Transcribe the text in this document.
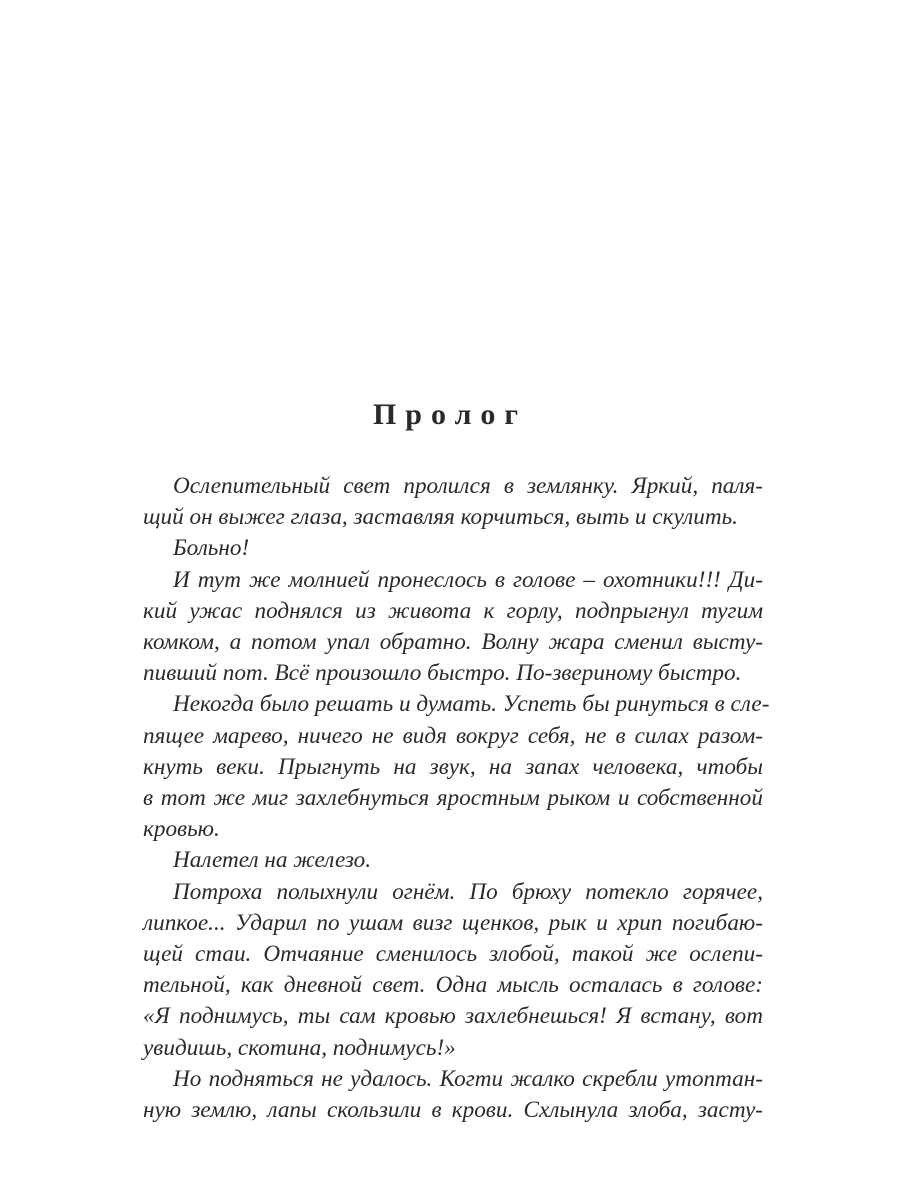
Пролог
Ослепительный свет пролился в землянку. Яркий, паля-
щий он выжег глаза, заставляя корчиться, выть и скулить.
Больно!
И тут же молнией пронеслось в голове – охотники!!! Ди-
кий ужас поднялся из живота к горлу, подпрыгнул тугим
комком, а потом упал обратно. Волну жара сменил высту-
пивший пот. Всё произошло быстро. По-звериному быстро.
Некогда было решать и думать. Успеть бы ринуться в сле-
пящее марево, ничего не видя вокруг себя, не в силах разом-
кнуть веки. Прыгнуть на звук, на запах человека, чтобы
в тот же миг захлебнуться яростным рыком и собственной
кровью.
Налетел на железо.
Потроха полыхнули огнём. По брюху потекло горячее,
липкое... Ударил по ушам визг щенков, рык и хрип погибаю-
щей стаи. Отчаяние сменилось злобой, такой же ослепи-
тельной, как дневной свет. Одна мысль осталась в голове:
«Я поднимусь, ты сам кровью захлебнешься! Я встану, вот
увидишь, скотина, поднимусь!»
Но подняться не удалось. Когти жалко скребли утоптан-
ную землю, лапы скользили в крови. Схлынула злоба, засту-
